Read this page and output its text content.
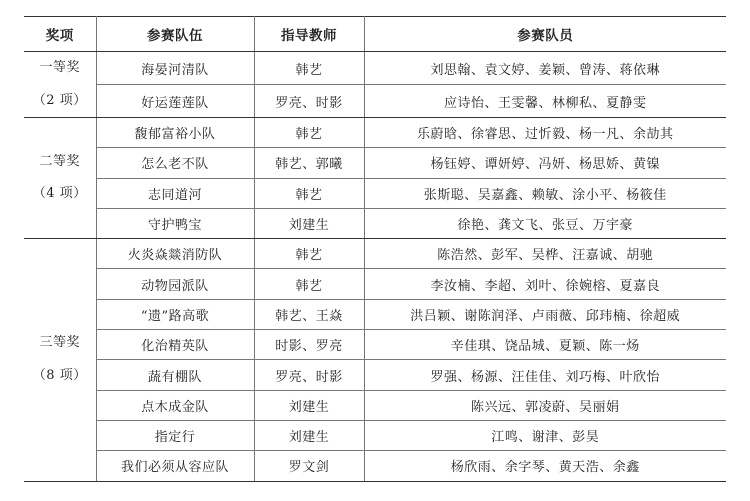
奖项	参赛队伍	指导教师	参赛队员

一等奖
（2 项）	海晏河清队	韩艺	刘思翰、袁文婷、姜颖、曾涛、蒋依琳
	好运莲莲队	罗亮、时影	应诗怡、王雯馨、林柳私、夏静雯

二等奖
（4 项）	馥郁富裕小队	韩艺	乐蔚晗、徐睿思、过忻毅、杨一凡、余劼其
	怎么老不队	韩艺、郭曦	杨钰婷、谭妍婷、冯妍、杨思娇、黄镍
	志同道河	韩艺	张斯聪、吴嘉鑫、赖敏、涂小平、杨筱佳
	守护鸭宝	刘建生	徐艳、龚文飞、张豆、万宇豪

三等奖
（8 项）	火炎焱燚消防队	韩艺	陈浩然、彭军、吴桦、汪嘉诚、胡驰
	动物园派队	韩艺	李汝楠、李超、刘叶、徐婉榕、夏嘉良
	“遗”路高歌	韩艺、王焱	洪吕颖、谢陈润泽、卢雨薇、邱玮楠、徐超威
	化治精英队	时影、罗亮	辛佳琪、饶品城、夏颖、陈一炀
	蔬有棚队	罗亮、时影	罗强、杨源、汪佳佳、刘巧梅、叶欣怡
	点木成金队	刘建生	陈兴远、郭凌蔚、吴丽娟
	指定行	刘建生	江鸣、谢津、彭昊
	我们必须从容应队	罗文剑	杨欣雨、余字琴、黄天浩、余鑫
